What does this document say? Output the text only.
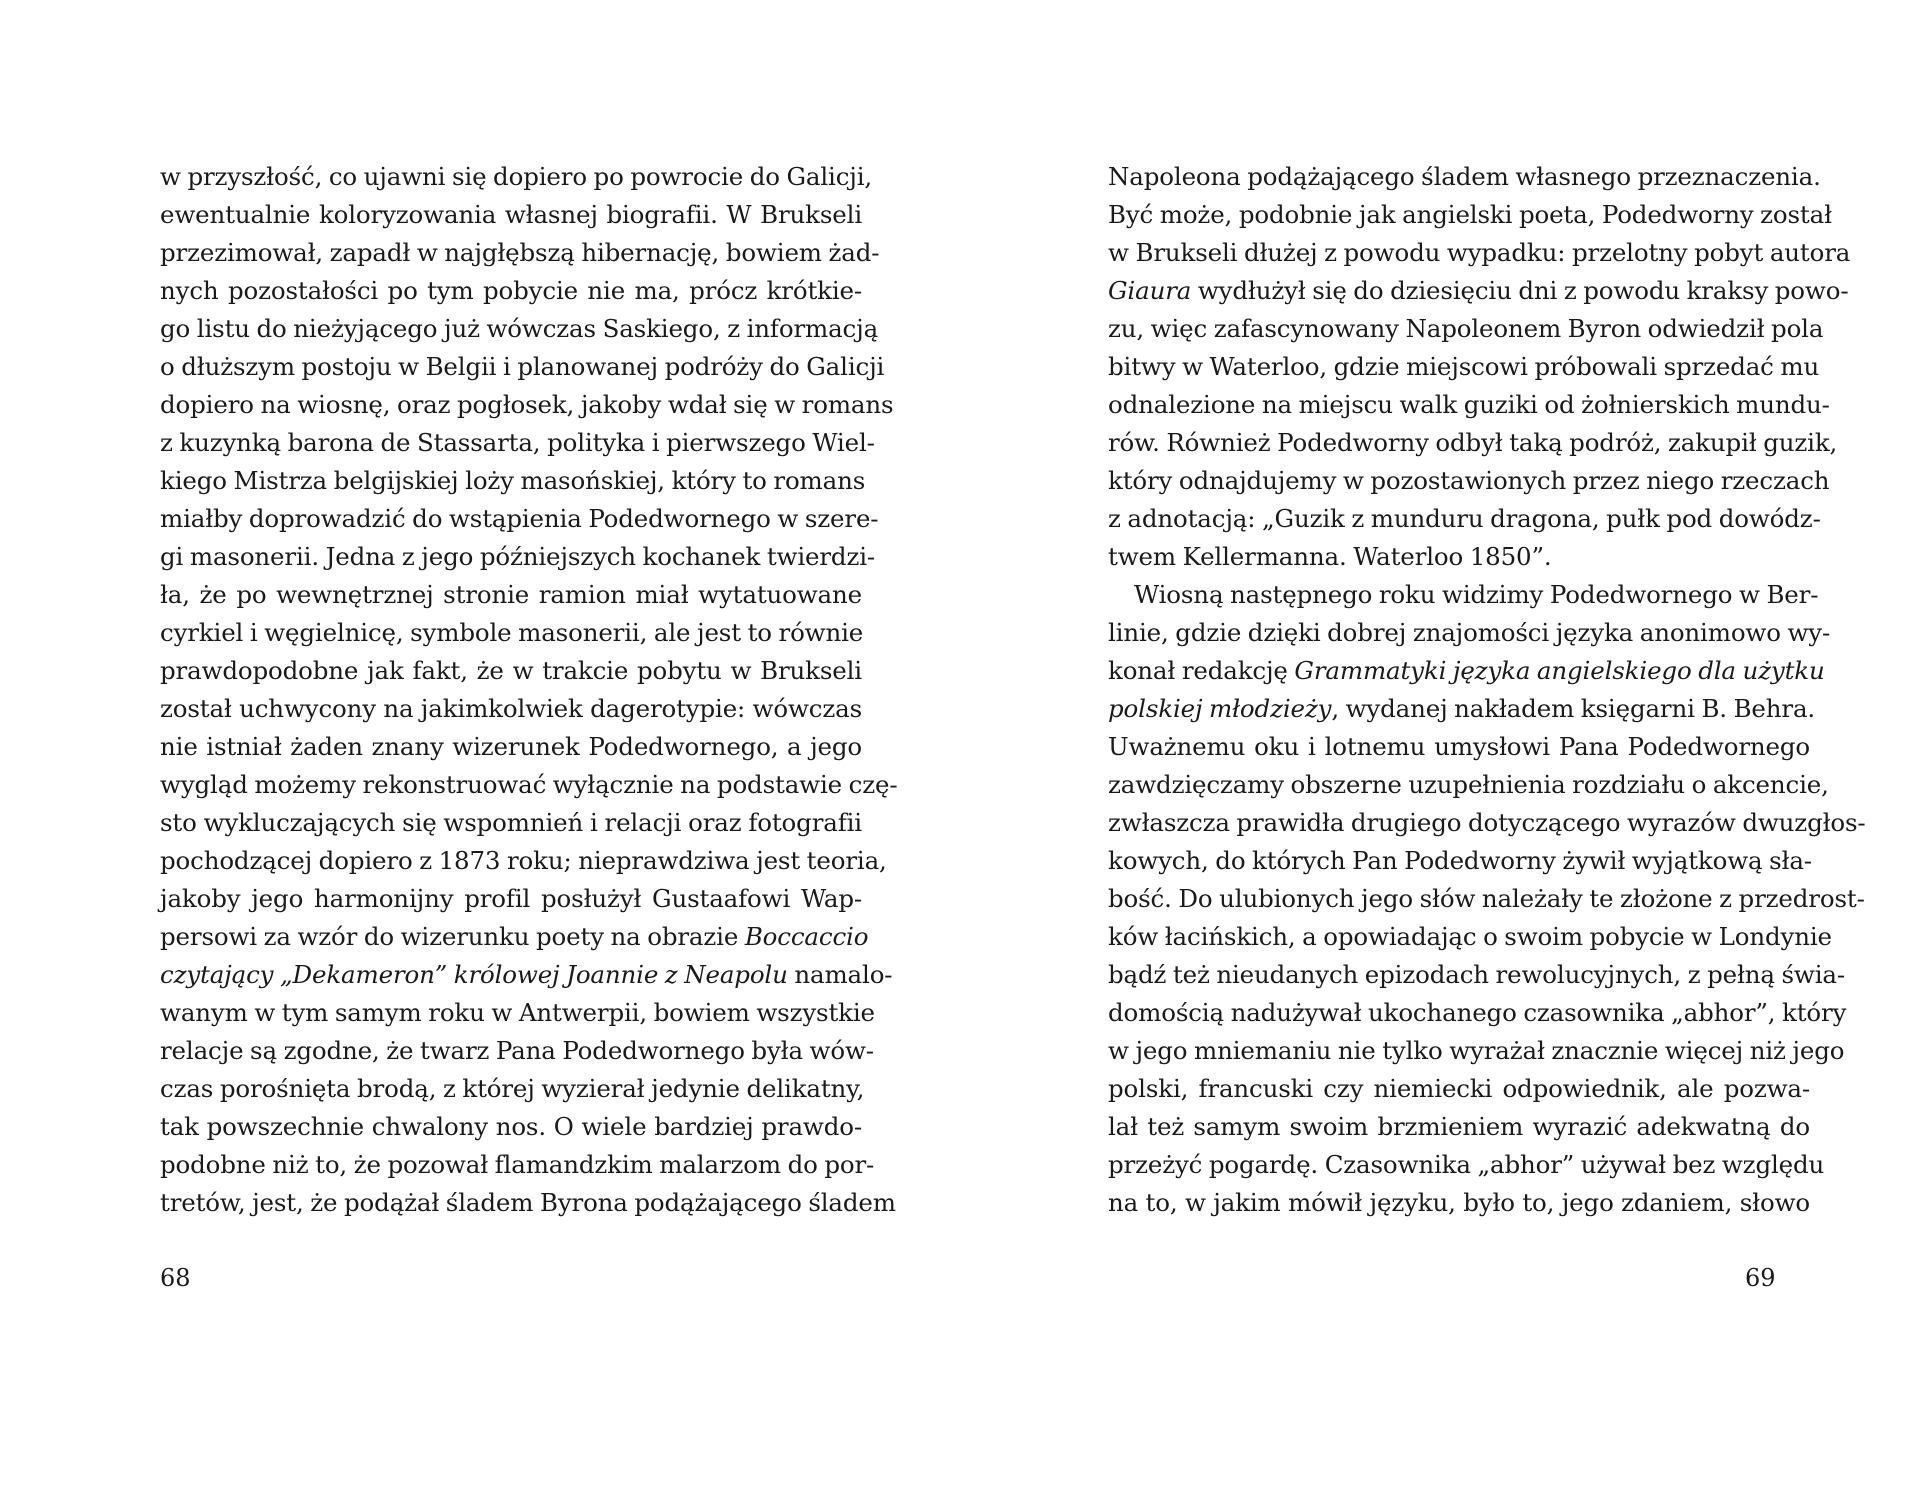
w przyszłość, co ujawni się dopiero po powrocie do Galicji,
ewentualnie koloryzowania własnej biografii. W Brukseli
przezimował, zapadł w najgłębszą hibernację, bowiem żad-
nych pozostałości po tym pobycie nie ma, prócz krótkie-
go listu do nieżyjącego już wówczas Saskiego, z informacją
o dłuższym postoju w Belgii i planowanej podróży do Galicji
dopiero na wiosnę, oraz pogłosek, jakoby wdał się w romans
z kuzynką barona de Stassarta, polityka i pierwszego Wiel-
kiego Mistrza belgijskiej loży masońskiej, który to romans
miałby doprowadzić do wstąpienia Podedwornego w szere-
gi masonerii. Jedna z jego późniejszych kochanek twierdzi-
ła, że po wewnętrznej stronie ramion miał wytatuowane
cyrkiel i węgielnicę, symbole masonerii, ale jest to równie
prawdopodobne jak fakt, że w trakcie pobytu w Brukseli
został uchwycony na jakimkolwiek dagerotypie: wówczas
nie istniał żaden znany wizerunek Podedwornego, a jego
wygląd możemy rekonstruować wyłącznie na podstawie czę-
sto wykluczających się wspomnień i relacji oraz fotografii
pochodzącej dopiero z 1873 roku; nieprawdziwa jest teoria,
jakoby jego harmonijny profil posłużył Gustaafowi Wap-
persowi za wzór do wizerunku poety na obrazie Boccaccio
czytający „Dekameron” królowej Joannie z Neapolu namalo-
wanym w tym samym roku w Antwerpii, bowiem wszystkie
relacje są zgodne, że twarz Pana Podedwornego była wów-
czas porośnięta brodą, z której wyzierał jedynie delikatny,
tak powszechnie chwalony nos. O wiele bardziej prawdo-
podobne niż to, że pozował flamandzkim malarzom do por-
tretów, jest, że podążał śladem Byrona podążającego śladem
Napoleona podążającego śladem własnego przeznaczenia.
Być może, podobnie jak angielski poeta, Podedworny został
w Brukseli dłużej z powodu wypadku: przelotny pobyt autora
Giaura wydłużył się do dziesięciu dni z powodu kraksy powo-
zu, więc zafascynowany Napoleonem Byron odwiedził pola
bitwy w Waterloo, gdzie miejscowi próbowali sprzedać mu
odnalezione na miejscu walk guziki od żołnierskich mundu-
rów. Również Podedworny odbył taką podróż, zakupił guzik,
który odnajdujemy w pozostawionych przez niego rzeczach
z adnotacją: „Guzik z munduru dragona, pułk pod dowódz-
twem Kellermanna. Waterloo 1850”.
Wiosną następnego roku widzimy Podedwornego w Ber-
linie, gdzie dzięki dobrej znajomości języka anonimowo wy-
konał redakcję Grammatyki języka angielskiego dla użytku
polskiej młodzieży, wydanej nakładem księgarni B. Behra.
Uważnemu oku i lotnemu umysłowi Pana Podedwornego
zawdzięczamy obszerne uzupełnienia rozdziału o akcencie,
zwłaszcza prawidła drugiego dotyczącego wyrazów dwuzgłos-
kowych, do których Pan Podedworny żywił wyjątkową sła-
bość. Do ulubionych jego słów należały te złożone z przedrost-
ków łacińskich, a opowiadając o swoim pobycie w Londynie
bądź też nieudanych epizodach rewolucyjnych, z pełną świa-
domością nadużywał ukochanego czasownika „abhor”, który
w jego mniemaniu nie tylko wyrażał znacznie więcej niż jego
polski, francuski czy niemiecki odpowiednik, ale pozwa-
lał też samym swoim brzmieniem wyrazić adekwatną do
przeżyć pogardę. Czasownika „abhor” używał bez względu
na to, w jakim mówił języku, było to, jego zdaniem, słowo
68	69
